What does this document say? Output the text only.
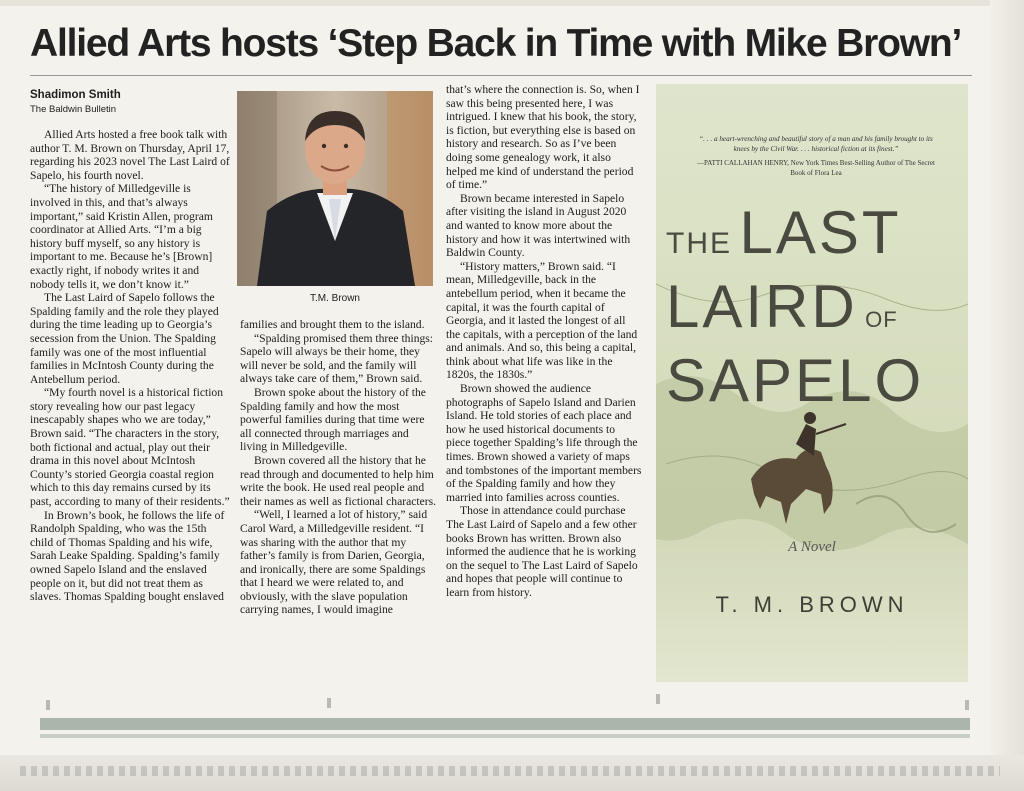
Allied Arts hosts ‘Step Back in Time with Mike Brown’
Shadimon Smith
The Baldwin Bulletin

Allied Arts hosted a free book talk with author T. M. Brown on Thursday, April 17, regarding his 2023 novel The Last Laird of Sapelo, his fourth novel.

“The history of Milledgeville is involved in this, and that’s always important,” said Kristin Allen, program coordinator at Allied Arts. “I’m a big history buff myself, so any history is important to me. Because he’s [Brown] exactly right, if nobody writes it and nobody tells it, we don’t know it.”

The Last Laird of Sapelo follows the Spalding family and the role they played during the time leading up to Georgia’s secession from the Union. The Spalding family was one of the most influential families in McIntosh County during the Antebellum period.

“My fourth novel is a historical fiction story revealing how our past legacy inescapably shapes who we are today,” Brown said. “The characters in the story, both fictional and actual, play out their drama in this novel about McIntosh County’s storied Georgia coastal region which to this day remains cursed by its past, according to many of their residents.”

In Brown’s book, he follows the life of Randolph Spalding, who was the 15th child of Thomas Spalding and his wife, Sarah Leake Spalding. Spalding’s family owned Sapelo Island and the enslaved people on it, but did not treat them as slaves. Thomas Spalding bought enslaved

T.M. Brown

families and brought them to the island.

“Spalding promised them three things: Sapelo will always be their home, they will never be sold, and the family will always take care of them,” Brown said.

Brown spoke about the history of the Spalding family and how the most powerful families during that time were all connected through marriages and living in Milledgeville.

Brown covered all the history that he read through and documented to help him write the book. He used real people and their names as well as fictional characters.

“Well, I learned a lot of history,” said Carol Ward, a Milledgeville resident. “I was sharing with the author that my father’s family is from Darien, Georgia, and ironically, there are some Spaldings that I heard we were related to, and obviously, with the slave population carrying names, I would imagine

that’s where the connection is. So, when I saw this being presented here, I was intrigued. I knew that his book, the story, is fiction, but everything else is based on history and research. So as I’ve been doing some genealogy work, it also helped me kind of understand the period of time.”

Brown became interested in Sapelo after visiting the island in August 2020 and wanted to know more about the history and how it was intertwined with Baldwin County.

“History matters,” Brown said. “I mean, Milledgeville, back in the antebellum period, when it became the capital, it was the fourth capital of Georgia, and it lasted the longest of all the capitals, with a perception of the land and animals. And so, this being a capital, think about what life was like in the 1820s, the 1830s.”

Brown showed the audience photographs of Sapelo Island and Darien Island. He told stories of each place and how he used historical documents to piece together Spalding’s life through the times. Brown showed a variety of maps and tombstones of the important members of the Spalding family and how they married into families across counties.

Those in attendance could purchase The Last Laird of Sapelo and a few other books Brown has written. Brown also informed the audience that he is working on the sequel to The Last Laird of Sapelo and hopes that people will continue to learn from history.

“. . . a heart-wrenching and beautiful story of a man and his family brought to its knees by the Civil War. . . . historical fiction at its finest.”
—PATTI CALLAHAN HENRY, New York Times Best-Selling Author of The Secret Book of Flora Lea
THE LAST
LAIRD OF
SAPELO
A Novel
T. M. BROWN
